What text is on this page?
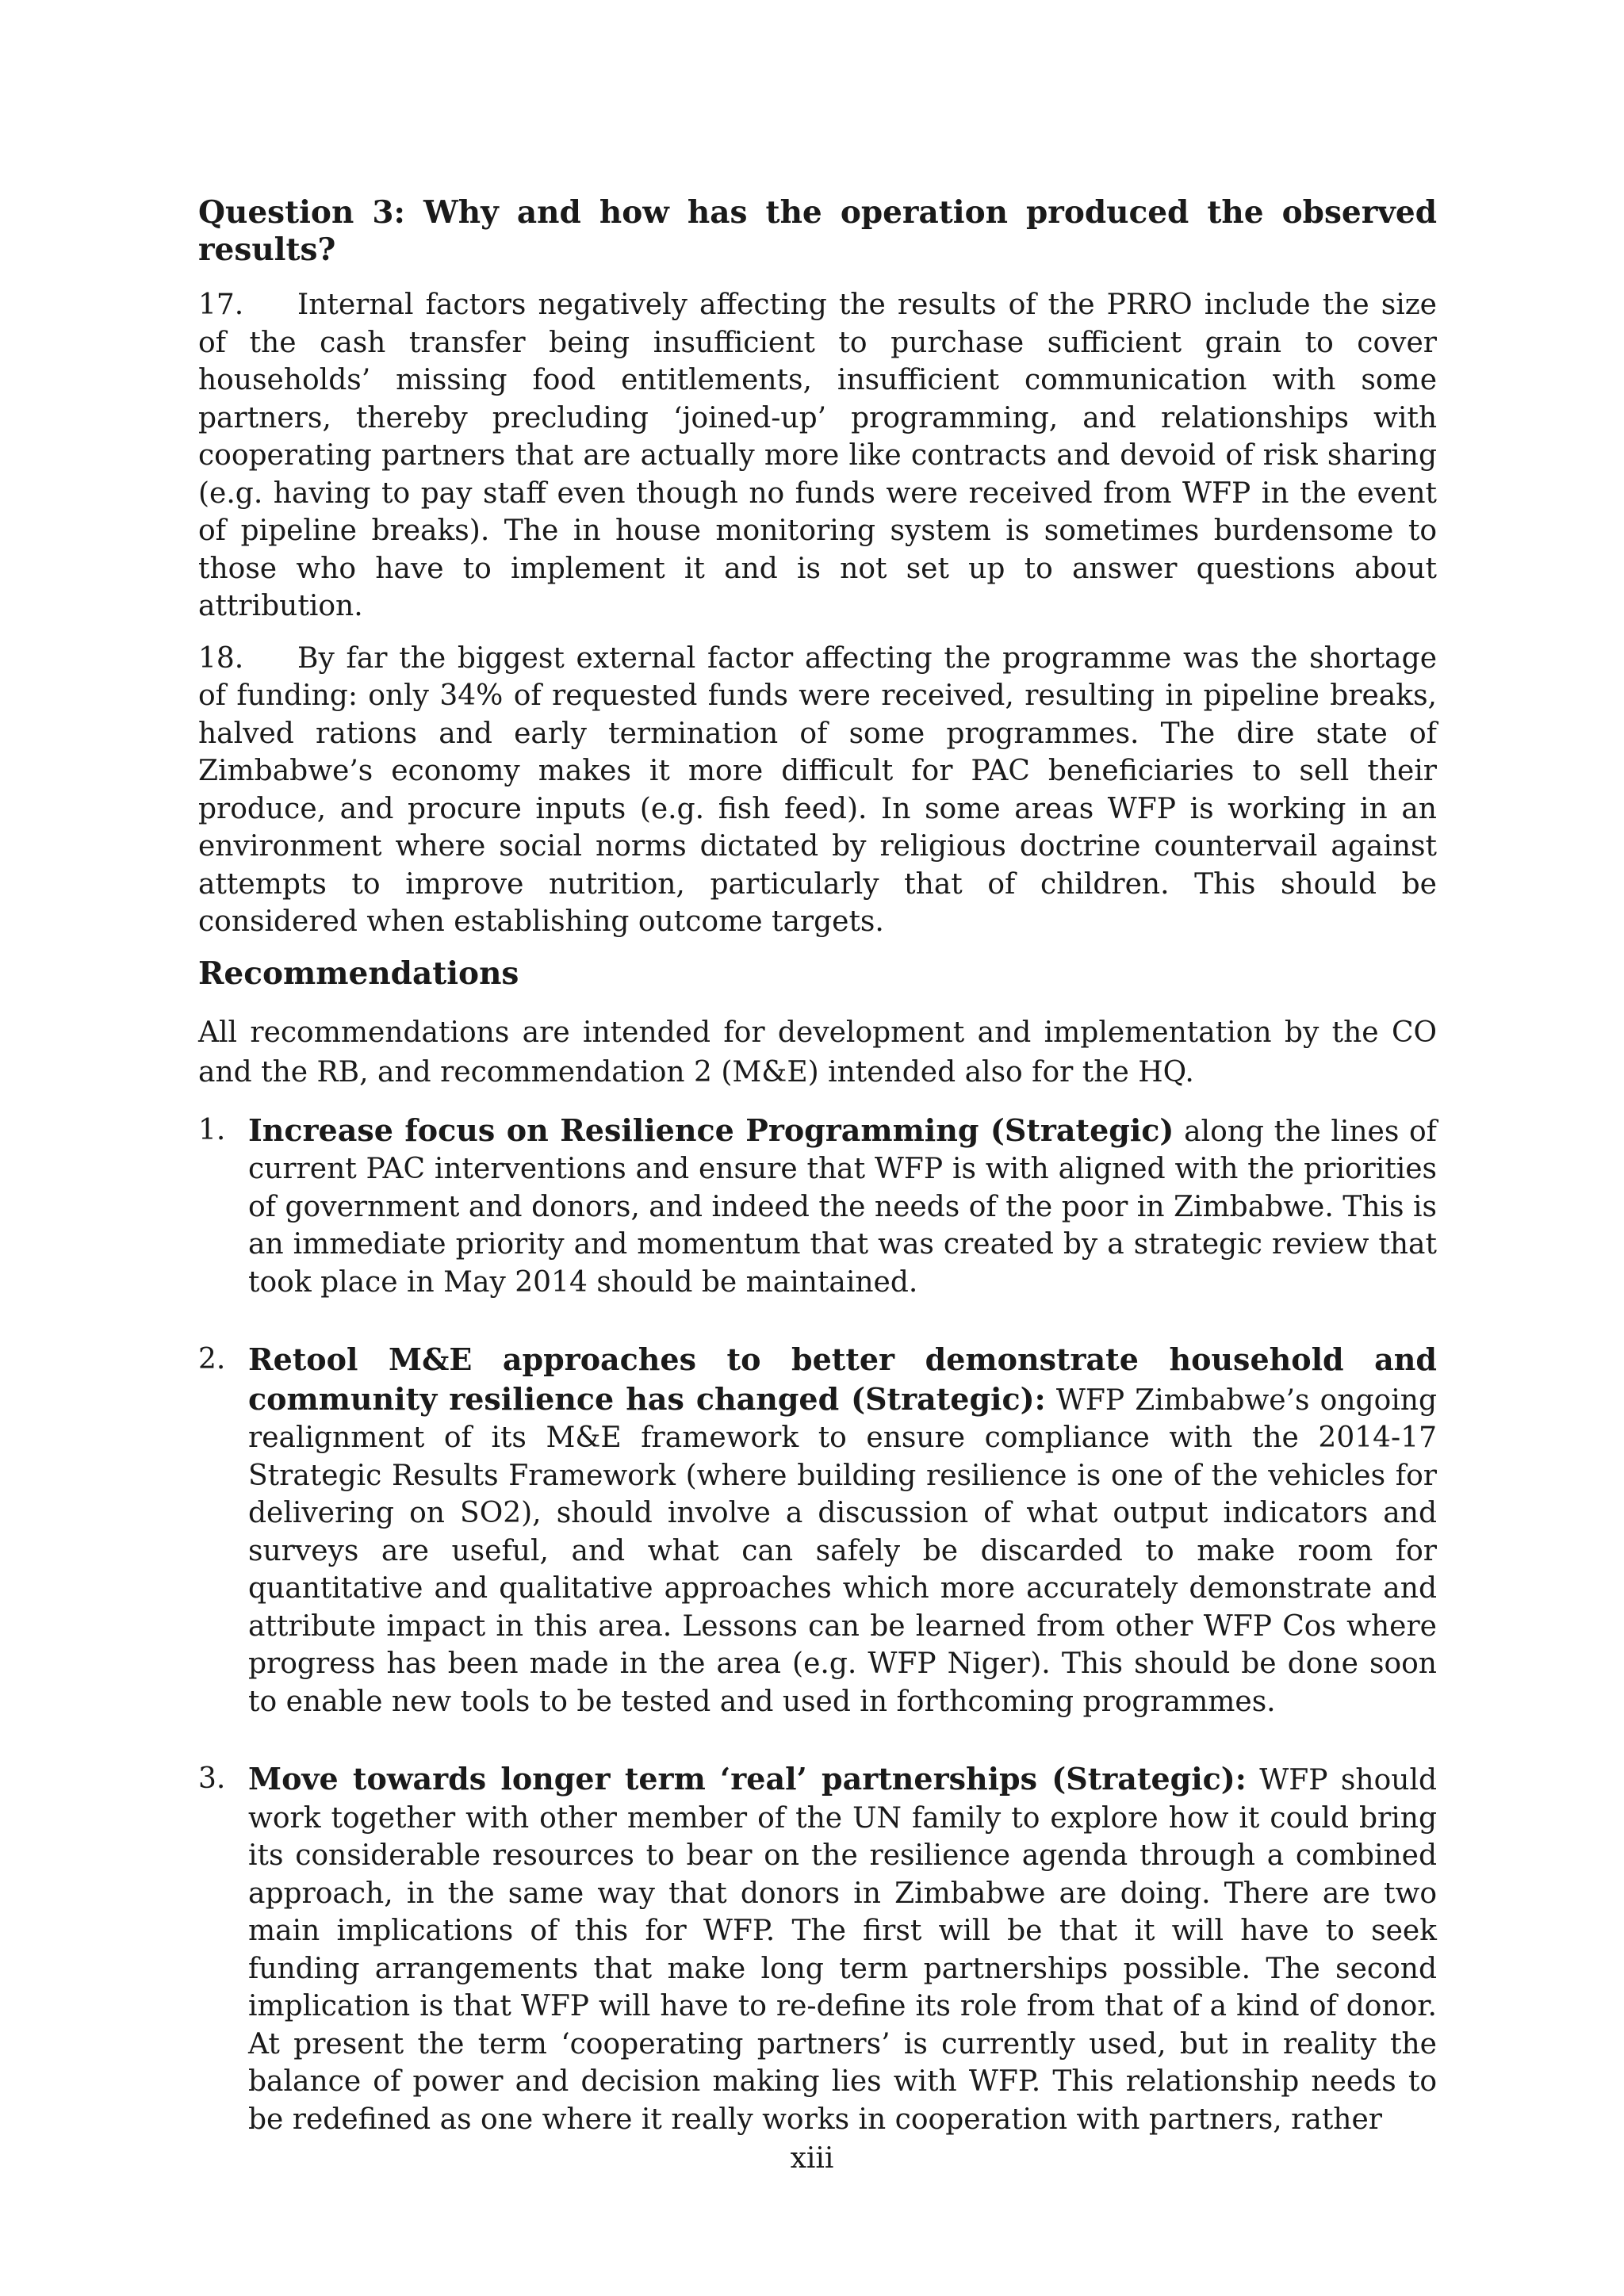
Question 3: Why and how has the operation produced the observed results?

17. Internal factors negatively affecting the results of the PRRO include the size of the cash transfer being insufficient to purchase sufficient grain to cover households’ missing food entitlements, insufficient communication with some partners, thereby precluding ‘joined-up’ programming, and relationships with cooperating partners that are actually more like contracts and devoid of risk sharing (e.g. having to pay staff even though no funds were received from WFP in the event of pipeline breaks). The in house monitoring system is sometimes burdensome to those who have to implement it and is not set up to answer questions about attribution.

18. By far the biggest external factor affecting the programme was the shortage of funding: only 34% of requested funds were received, resulting in pipeline breaks, halved rations and early termination of some programmes. The dire state of Zimbabwe’s economy makes it more difficult for PAC beneficiaries to sell their produce, and procure inputs (e.g. fish feed). In some areas WFP is working in an environment where social norms dictated by religious doctrine countervail against attempts to improve nutrition, particularly that of children. This should be considered when establishing outcome targets.

Recommendations

All recommendations are intended for development and implementation by the CO and the RB, and recommendation 2 (M&E) intended also for the HQ.

1. Increase focus on Resilience Programming (Strategic) along the lines of current PAC interventions and ensure that WFP is with aligned with the priorities of government and donors, and indeed the needs of the poor in Zimbabwe. This is an immediate priority and momentum that was created by a strategic review that took place in May 2014 should be maintained.
2. Retool M&E approaches to better demonstrate household and community resilience has changed (Strategic): WFP Zimbabwe’s ongoing realignment of its M&E framework to ensure compliance with the 2014-17 Strategic Results Framework (where building resilience is one of the vehicles for delivering on SO2), should involve a discussion of what output indicators and surveys are useful, and what can safely be discarded to make room for quantitative and qualitative approaches which more accurately demonstrate and attribute impact in this area. Lessons can be learned from other WFP Cos where progress has been made in the area (e.g. WFP Niger). This should be done soon to enable new tools to be tested and used in forthcoming programmes.
3. Move towards longer term ‘real’ partnerships (Strategic): WFP should work together with other member of the UN family to explore how it could bring its considerable resources to bear on the resilience agenda through a combined approach, in the same way that donors in Zimbabwe are doing. There are two main implications of this for WFP. The first will be that it will have to seek funding arrangements that make long term partnerships possible. The second implication is that WFP will have to re-define its role from that of a kind of donor. At present the term ‘cooperating partners’ is currently used, but in reality the balance of power and decision making lies with WFP. This relationship needs to be redefined as one where it really works in cooperation with partners, rather
xiii
